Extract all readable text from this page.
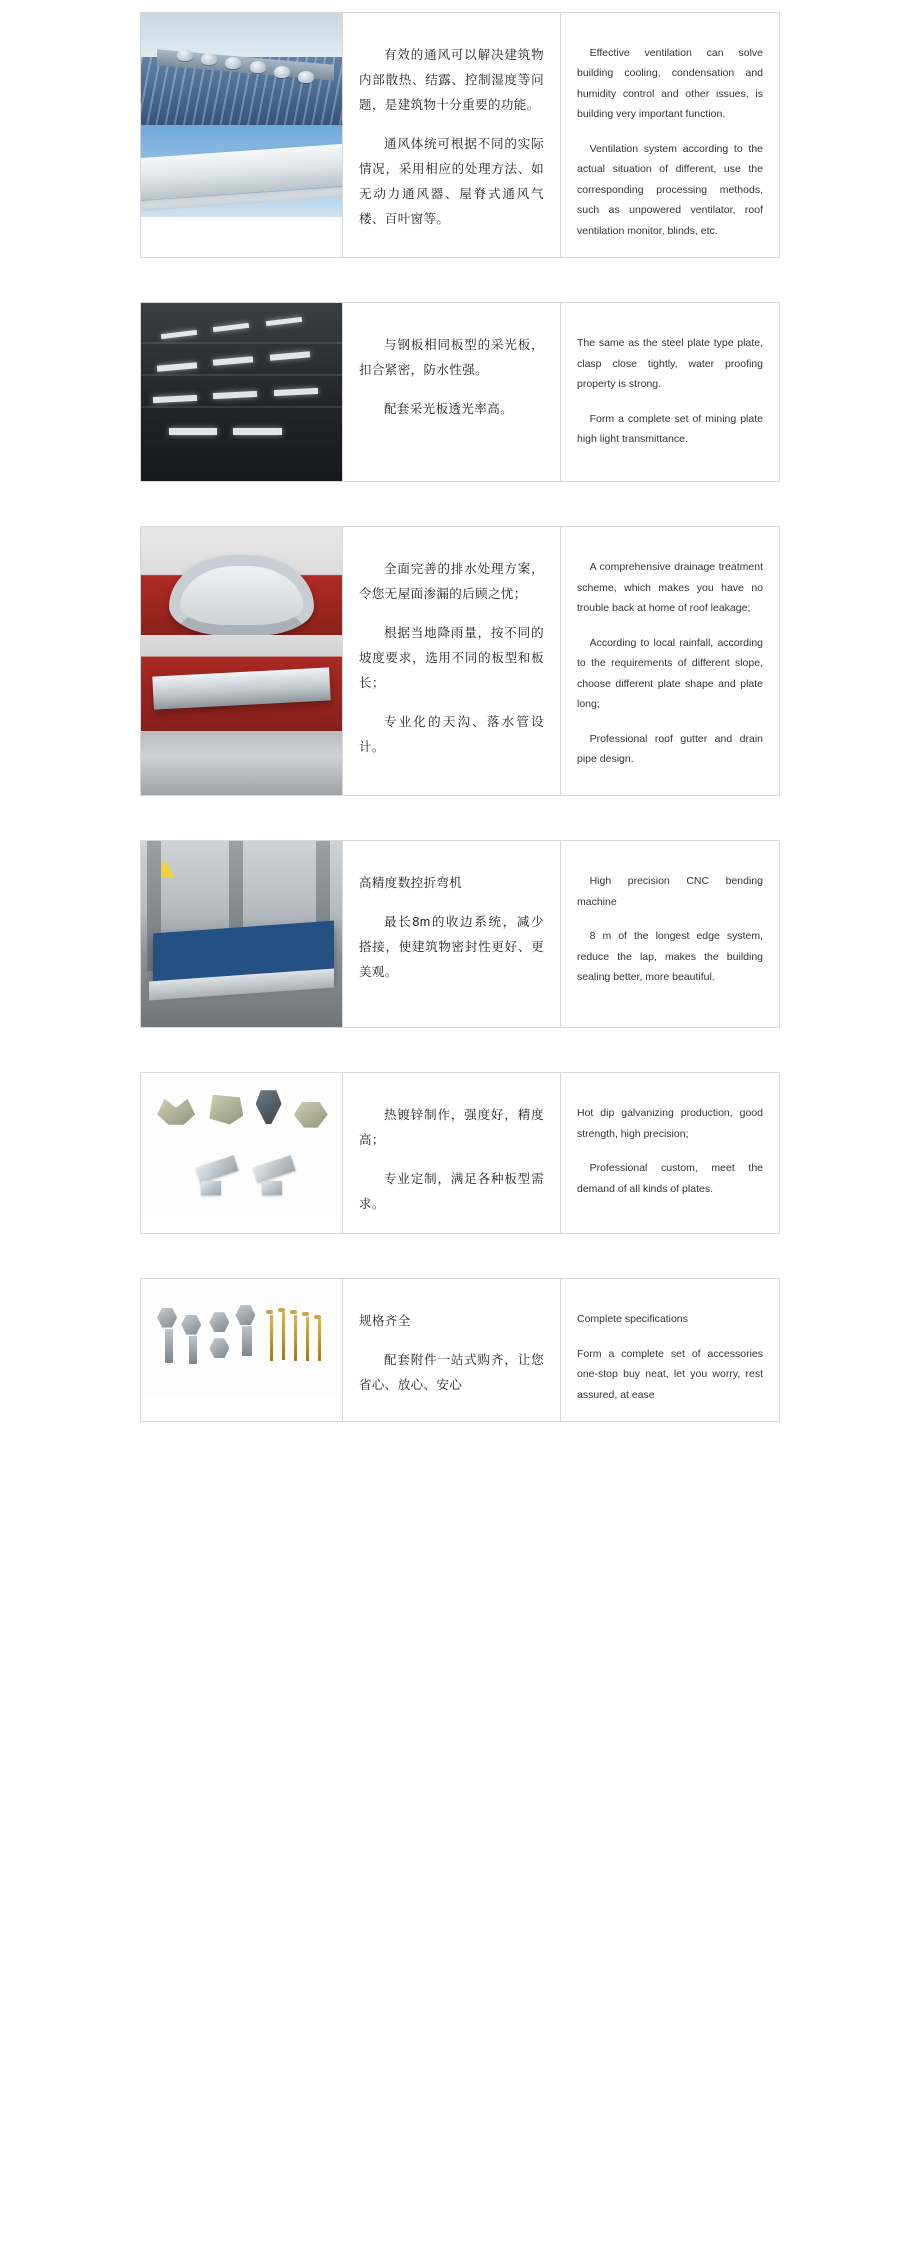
有效的通风可以解决建筑物内部散热、结露、控制湿度等问题，是建筑物十分重要的功能。

通风体统可根据不同的实际情况，采用相应的处理方法、如无动力通风器、屋脊式通风气楼、百叶窗等。

Effective ventilation can solve building cooling, condensation and humidity control and other issues, is building very important function.

Ventilation system according to the actual situation of different, use the corresponding processing methods, such as unpowered ventilator, roof ventilation monitor, blinds, etc.

与钢板相同板型的采光板，扣合紧密，防水性强。

配套采光板透光率高。

The same as the steel plate type plate, clasp close tightly, water proofing property is strong.

Form a complete set of mining plate high light transmittance.

全面完善的排水处理方案，令您无屋面渗漏的后顾之忧；

根据当地降雨量，按不同的坡度要求，选用不同的板型和板长；

专业化的天沟、落水管设计。

A comprehensive drainage treatment scheme, which makes you have no trouble back at home of roof leakage;

According to local rainfall, according to the requirements of different slope, choose different plate shape and plate long;

Professional roof gutter and drain pipe design.

高精度数控折弯机

最长8m的收边系统，减少搭接，使建筑物密封性更好、更美观。

High precision CNC bending machine

8 m of the longest edge system, reduce the lap, makes the building sealing better, more beautiful.

热镀锌制作，强度好，精度高；

专业定制，满足各种板型需求。

Hot dip galvanizing production, good strength, high precision;

Professional custom, meet the demand of all kinds of plates.

规格齐全

配套附件一站式购齐，让您省心、放心、安心

Complete specifications

Form a complete set of accessories one-stop buy neat, let you worry, rest assured, at ease
